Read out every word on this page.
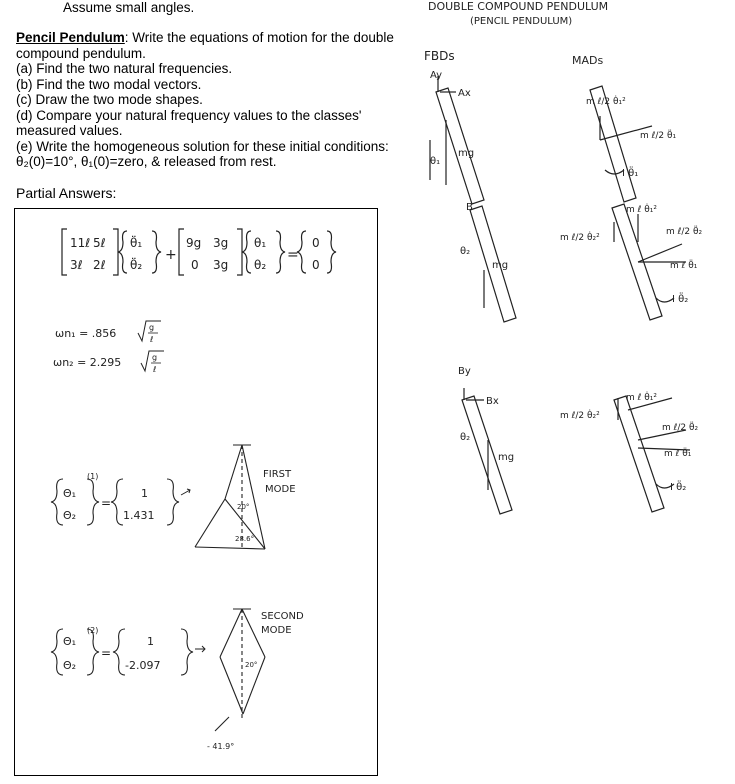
Assume small angles.
Pencil Pendulum: Write the equations of motion for the double
compound pendulum.
(a) Find the two natural frequencies.
(b) Find the two modal vectors.
(c) Draw the two mode shapes.
(d) Compare your natural frequency values to the classes'
measured values.
(e) Write the homogeneous solution for these initial conditions:
θ₂(0)=10°, θ₁(0)=zero, & released from rest.
Partial Answers:
11ℓ 5ℓ
3ℓ 2ℓ
θ̈₁
θ̈₂
+
9g 3g
0 3g
θ₁
θ₂
=
0
0
ωn₁ = .856	g
ℓ
ωn₂ = 2.295	g
ℓ
Θ₁
Θ₂
(1)
=
1
1.431
20°
28.6°
FIRST
MODE
Θ₁
Θ₂
(2)
=
1
-2.097	20°
- 41.9°
SECOND
MODE
DOUBLE COMPOUND PENDULUM
(PENCIL PENDULUM)
FBDs	MADs
Ay
Ax
θ₁
mg
B
θ₂
mg
By
Bx
θ₂
mg
m ℓ/2 θ̇₁²
m ℓ/2 θ̈₁
I θ̈₁
m ℓ/2 θ̇₂²
m ℓ θ̇₁²
m ℓ/2 θ̈₂
m ℓ θ̈₁
I θ̈₂
m ℓ/2 θ̇₂²
m ℓ θ̇₁²
m ℓ/2 θ̈₂
m ℓ θ̈₁
I θ̈₂
